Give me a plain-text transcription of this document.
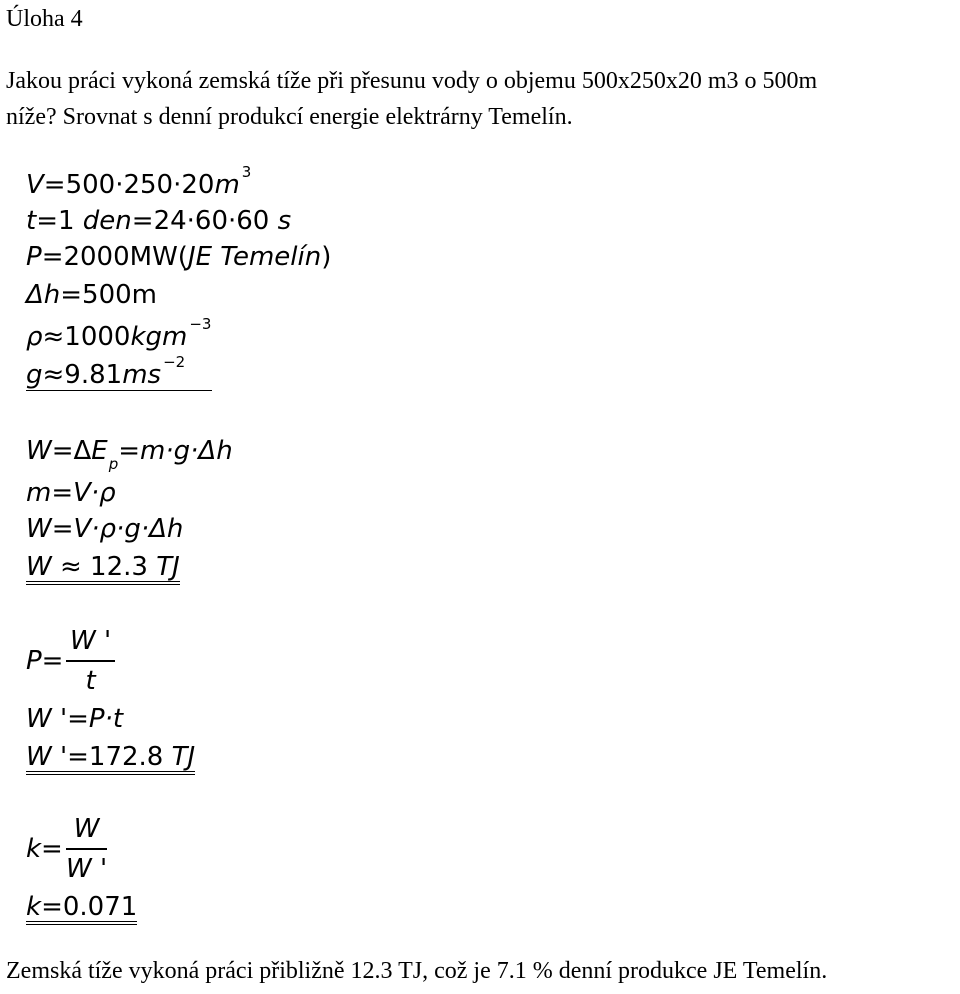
Úloha 4
Jakou práci vykoná zemská tíže při přesunu vody o objemu 500x250x20 m3 o 500m
níže? Srovnat s denní produkcí energie elektrárny Temelín.
V=500·250·20m $^3$
t=1 den=24·60·60 s
P=2000MW(JE Temelín)
Δh=500m
ρ≈1000kgm $^{-3}$
g≈9.81ms $^{-2}$
$W=\Delta E_p=m\cdot g\cdot\Delta h$
m=V·ρ
W=V·ρ·g·Δh
W ≈ 12.3 TJ
$P= \frac{W '}{t}$
W '=P·t
W '=172.8 TJ
$k= \frac{W}{W '}$
k=0.071
Zemská tíže vykoná práci přibližně 12.3 TJ, což je 7.1 % denní produkce JE Temelín.
